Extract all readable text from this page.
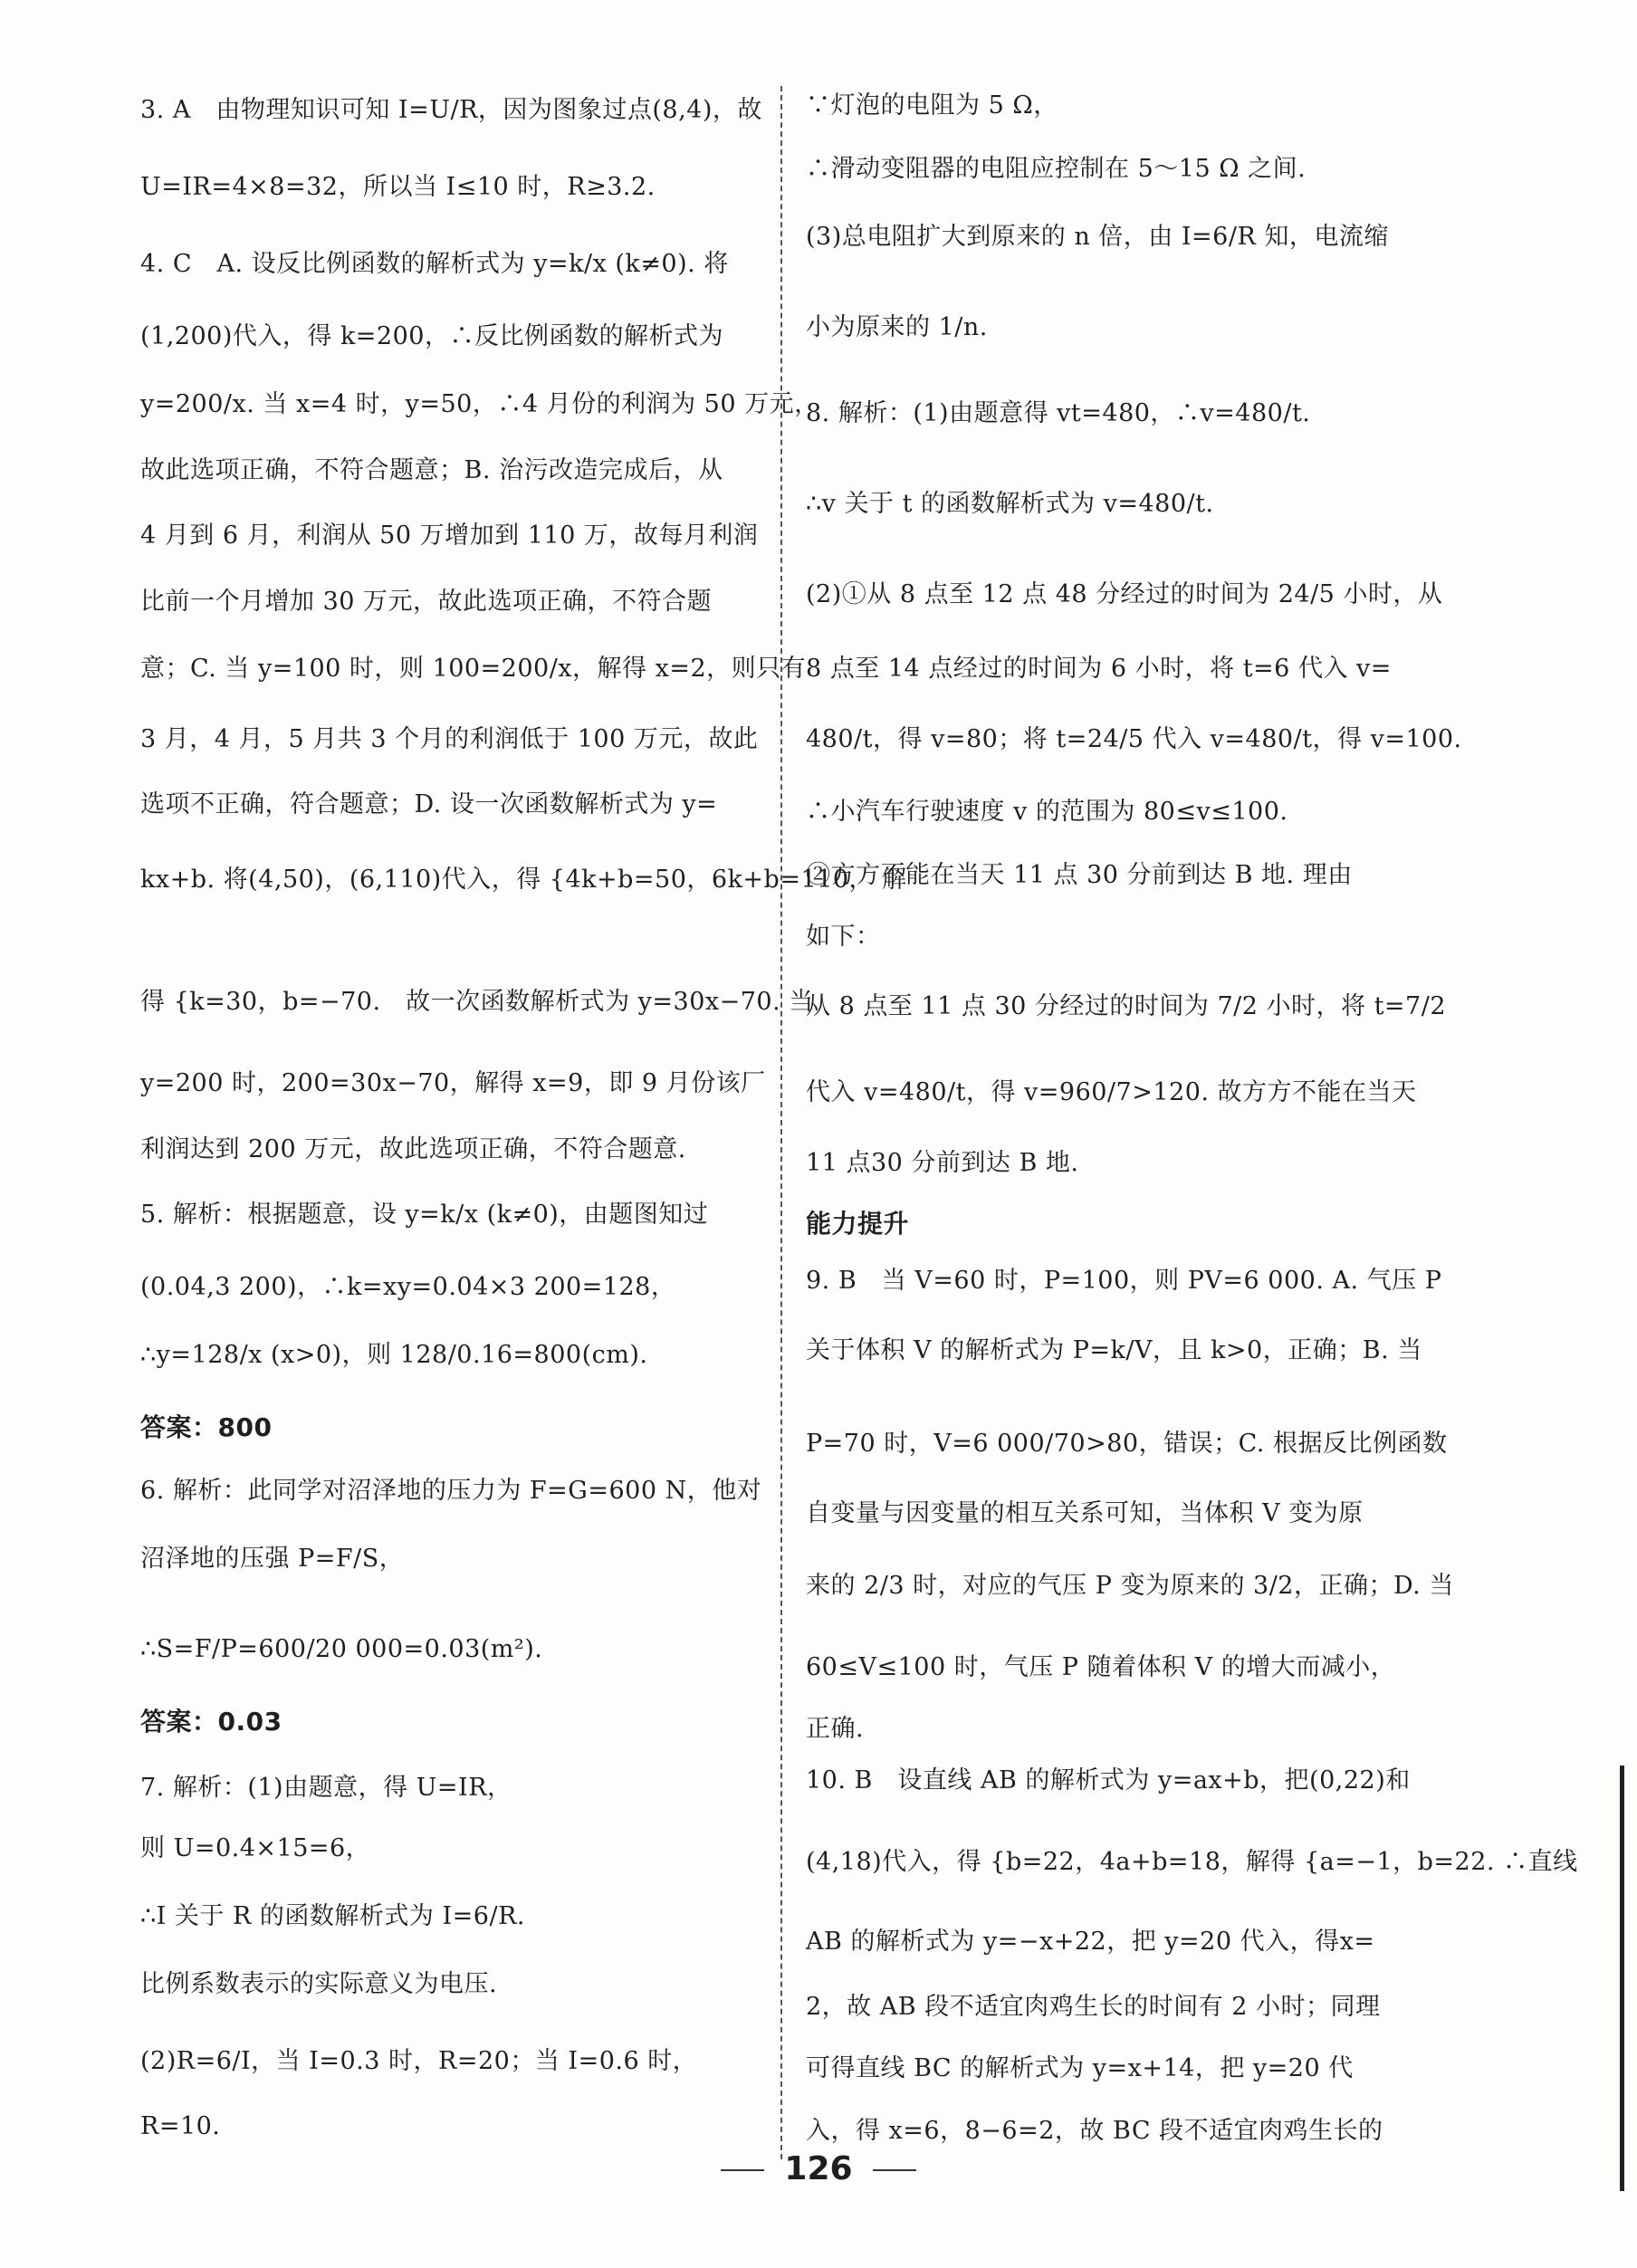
3. A　由物理知识可知 I=U/R，因为图象过点(8,4)，故
U=IR=4×8=32，所以当 I≤10 时，R≥3.2.
4. C　A. 设反比例函数的解析式为 y=k/x (k≠0). 将
(1,200)代入，得 k=200，∴反比例函数的解析式为
y=200/x. 当 x=4 时，y=50，∴4 月份的利润为 50 万元，
故此选项正确，不符合题意；B. 治污改造完成后，从
4 月到 6 月，利润从 50 万增加到 110 万，故每月利润
比前一个月增加 30 万元，故此选项正确，不符合题
意；C. 当 y=100 时，则 100=200/x，解得 x=2，则只有
3 月，4 月，5 月共 3 个月的利润低于 100 万元，故此
选项不正确，符合题意；D. 设一次函数解析式为 y=
kx+b. 将(4,50)，(6,110)代入，得 {4k+b=50，6k+b=110， 解
得 {k=30，b=−70.　故一次函数解析式为 y=30x−70. 当
y=200 时，200=30x−70，解得 x=9，即 9 月份该厂
利润达到 200 万元，故此选项正确，不符合题意.
5. 解析：根据题意，设 y=k/x (k≠0)，由题图知过
(0.04,3 200)，∴k=xy=0.04×3 200=128，
∴y=128/x (x>0)，则 128/0.16=800(cm).
答案：800
6. 解析：此同学对沼泽地的压力为 F=G=600 N，他对
沼泽地的压强 P=F/S，
∴S=F/P=600/20 000=0.03(m²).
答案：0.03
7. 解析：(1)由题意，得 U=IR，
则 U=0.4×15=6，
∴I 关于 R 的函数解析式为 I=6/R.
比例系数表示的实际意义为电压.
(2)R=6/I，当 I=0.3 时，R=20；当 I=0.6 时，
R=10.
∵灯泡的电阻为 5 Ω，
∴滑动变阻器的电阻应控制在 5～15 Ω 之间.
(3)总电阻扩大到原来的 n 倍，由 I=6/R 知，电流缩
小为原来的 1/n.
8. 解析：(1)由题意得 vt=480，∴v=480/t.
∴v 关于 t 的函数解析式为 v=480/t.
(2)①从 8 点至 12 点 48 分经过的时间为 24/5 小时，从
8 点至 14 点经过的时间为 6 小时，将 t=6 代入 v=
480/t，得 v=80；将 t=24/5 代入 v=480/t，得 v=100.
∴小汽车行驶速度 v 的范围为 80≤v≤100.
②方方不能在当天 11 点 30 分前到达 B 地. 理由
如下：
从 8 点至 11 点 30 分经过的时间为 7/2 小时，将 t=7/2
代入 v=480/t，得 v=960/7>120. 故方方不能在当天
11 点30 分前到达 B 地.
能力提升
9. B　当 V=60 时，P=100，则 PV=6 000. A. 气压 P
关于体积 V 的解析式为 P=k/V，且 k>0，正确；B. 当
P=70 时，V=6 000/70>80，错误；C. 根据反比例函数
自变量与因变量的相互关系可知，当体积 V 变为原
来的 2/3 时，对应的气压 P 变为原来的 3/2，正确；D. 当
60≤V≤100 时，气压 P 随着体积 V 的增大而减小，
正确.
10. B　设直线 AB 的解析式为 y=ax+b，把(0,22)和
(4,18)代入，得 {b=22，4a+b=18，解得 {a=−1，b=22. ∴直线
AB 的解析式为 y=−x+22，把 y=20 代入，得x=
2，故 AB 段不适宜肉鸡生长的时间有 2 小时；同理
可得直线 BC 的解析式为 y=x+14，把 y=20 代
入，得 x=6，8−6=2，故 BC 段不适宜肉鸡生长的
126
